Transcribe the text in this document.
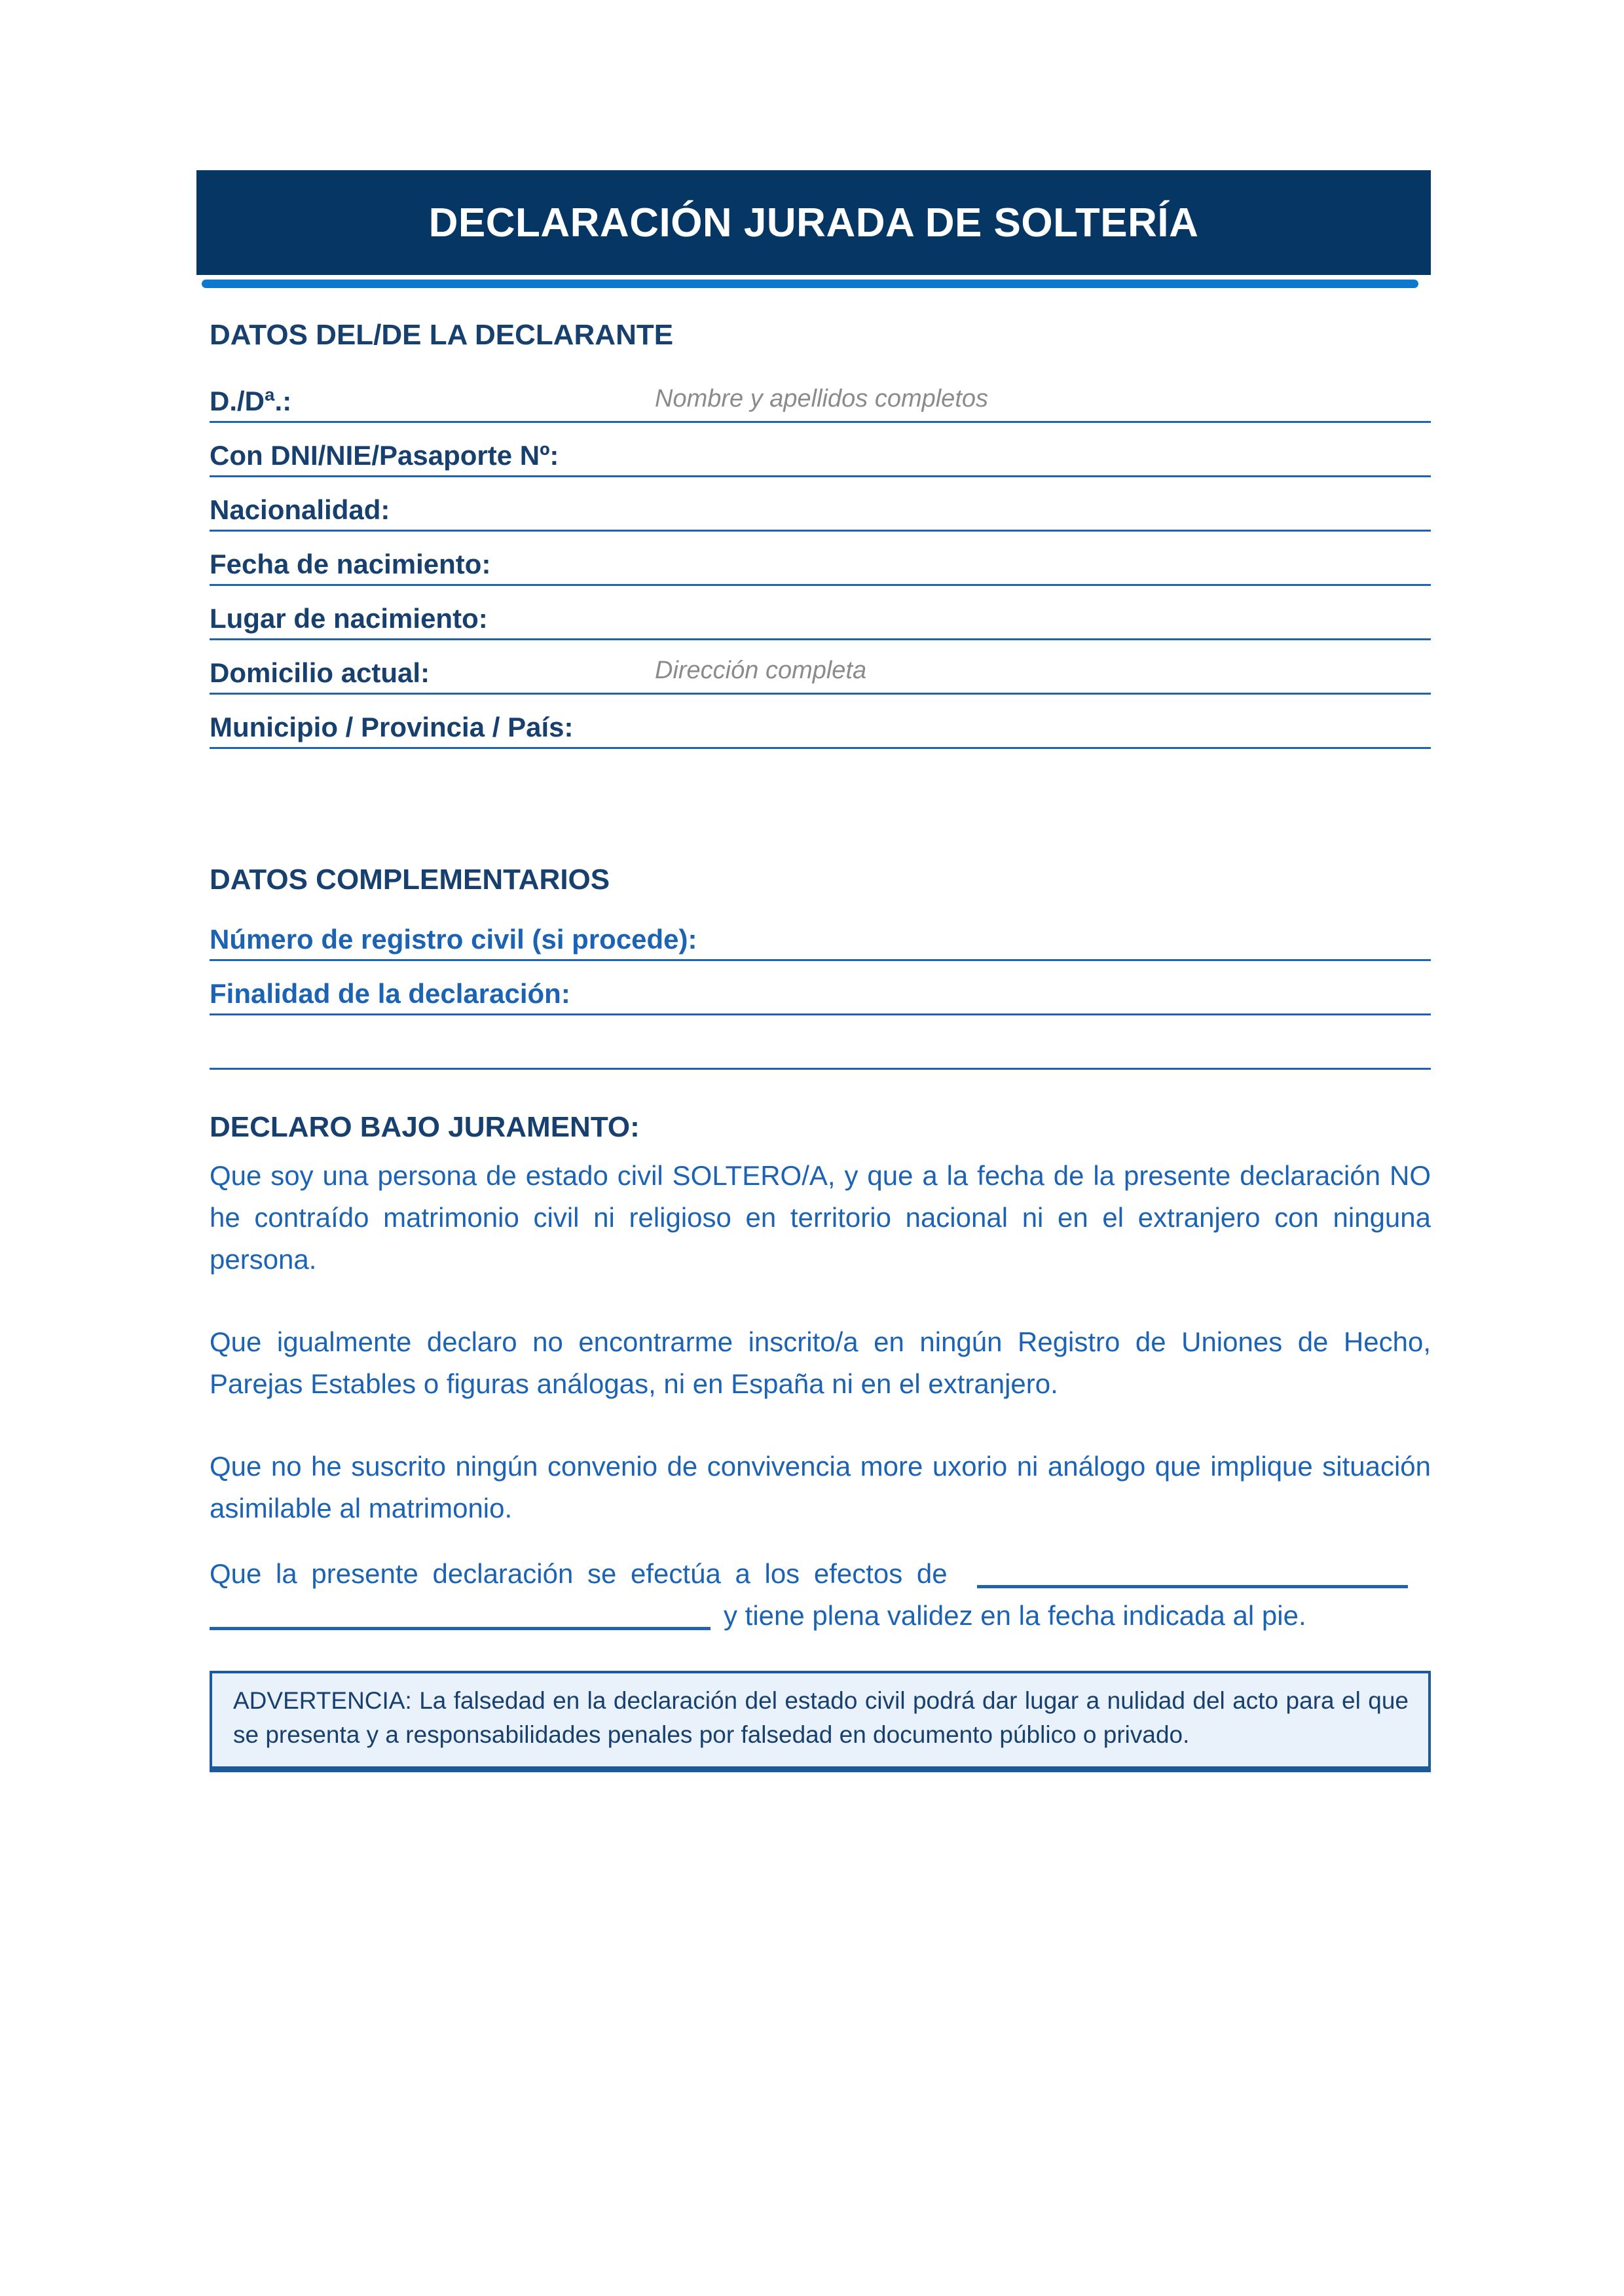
DECLARACIÓN JURADA DE SOLTERÍA
DATOS DEL/DE LA DECLARANTE
D./Dª.:	Nombre y apellidos completos
Con DNI/NIE/Pasaporte Nº:
Nacionalidad:
Fecha de nacimiento:
Lugar de nacimiento:
Domicilio actual:	Dirección completa
Municipio / Provincia / País:
DATOS COMPLEMENTARIOS
Número de registro civil (si procede):
Finalidad de la declaración:
DECLARO BAJO JURAMENTO:

Que soy una persona de estado civil SOLTERO/A, y que a la fecha de la presente declaración NO he contraído matrimonio civil ni religioso en territorio nacional ni en el extranjero con ninguna persona.

Que igualmente declaro no encontrarme inscrito/a en ningún Registro de Uniones de Hecho, Parejas Estables o figuras análogas, ni en España ni en el extranjero.

Que no he suscrito ningún convenio de convivencia more uxorio ni análogo que implique situación asimilable al matrimonio.

Que la presente declaración se efectúa a los efectos de
y tiene plena validez en la fecha indicada al pie.

ADVERTENCIA: La falsedad en la declaración del estado civil podrá dar lugar a nulidad del acto para el que se presenta y a responsabilidades penales por falsedad en documento público o privado.
